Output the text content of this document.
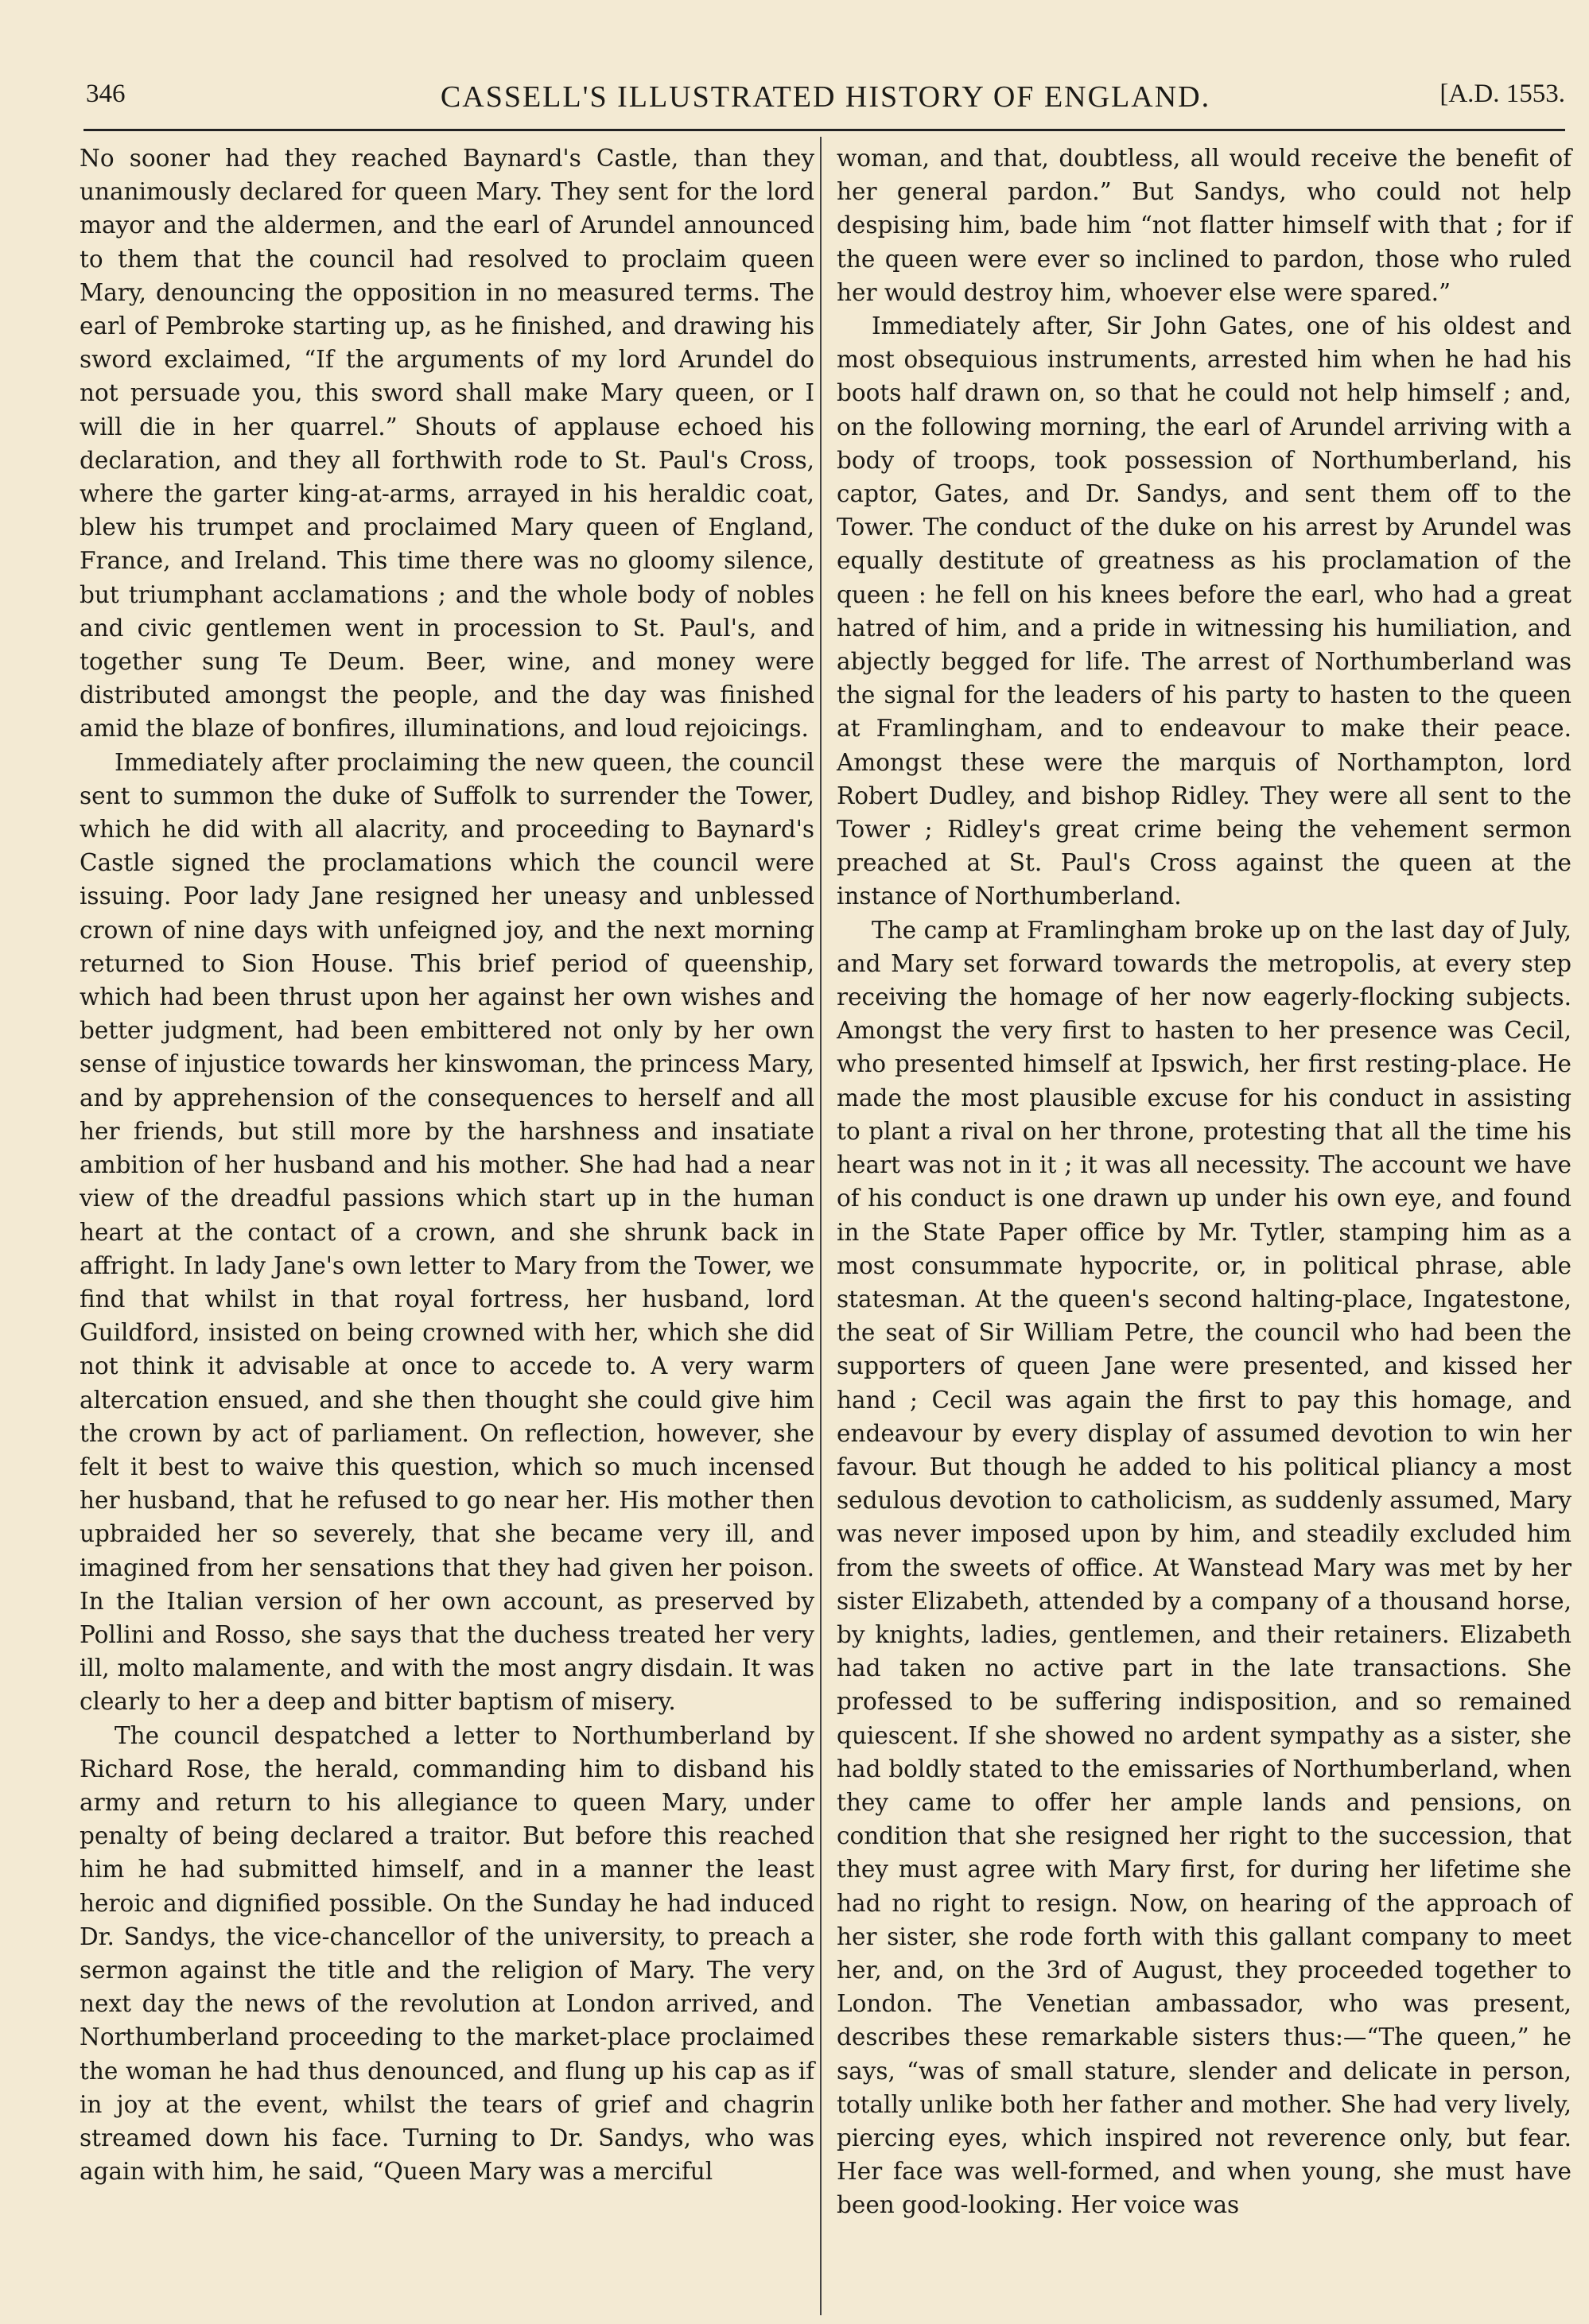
346	CASSELL'S ILLUSTRATED HISTORY OF ENGLAND.	[A.D. 1553.

No sooner had they reached Baynard's Castle, than they unanimously declared for queen Mary. They sent for the lord mayor and the aldermen, and the earl of Arundel announced to them that the council had resolved to proclaim queen Mary, denouncing the opposition in no measured terms. The earl of Pembroke starting up, as he finished, and drawing his sword exclaimed, “If the arguments of my lord Arundel do not persuade you, this sword shall make Mary queen, or I will die in her quarrel.” Shouts of applause echoed his declaration, and they all forthwith rode to St. Paul's Cross, where the garter king-at-arms, arrayed in his heraldic coat, blew his trumpet and proclaimed Mary queen of England, France, and Ireland. This time there was no gloomy silence, but triumphant acclamations ; and the whole body of nobles and civic gentlemen went in procession to St. Paul's, and together sung Te Deum. Beer, wine, and money were distributed amongst the people, and the day was finished amid the blaze of bonfires, illuminations, and loud rejoicings.

Immediately after proclaiming the new queen, the council sent to summon the duke of Suffolk to surrender the Tower, which he did with all alacrity, and proceeding to Baynard's Castle signed the proclamations which the council were issuing. Poor lady Jane resigned her uneasy and unblessed crown of nine days with unfeigned joy, and the next morning returned to Sion House. This brief period of queenship, which had been thrust upon her against her own wishes and better judgment, had been embittered not only by her own sense of injustice towards her kinswoman, the princess Mary, and by apprehension of the consequences to herself and all her friends, but still more by the harshness and insatiate ambition of her husband and his mother. She had had a near view of the dreadful passions which start up in the human heart at the contact of a crown, and she shrunk back in affright. In lady Jane's own letter to Mary from the Tower, we find that whilst in that royal fortress, her husband, lord Guildford, insisted on being crowned with her, which she did not think it advisable at once to accede to. A very warm altercation ensued, and she then thought she could give him the crown by act of parliament. On reflection, however, she felt it best to waive this question, which so much incensed her husband, that he refused to go near her. His mother then upbraided her so severely, that she became very ill, and imagined from her sensations that they had given her poison. In the Italian version of her own account, as preserved by Pollini and Rosso, she says that the duchess treated her very ill, molto malamente, and with the most angry disdain. It was clearly to her a deep and bitter baptism of misery.

The council despatched a letter to Northumberland by Richard Rose, the herald, commanding him to disband his army and return to his allegiance to queen Mary, under penalty of being declared a traitor. But before this reached him he had submitted himself, and in a manner the least heroic and dignified possible. On the Sunday he had induced Dr. Sandys, the vice-chancellor of the university, to preach a sermon against the title and the religion of Mary. The very next day the news of the revolution at London arrived, and Northumberland proceeding to the market-place proclaimed the woman he had thus denounced, and flung up his cap as if in joy at the event, whilst the tears of grief and chagrin streamed down his face. Turning to Dr. Sandys, who was again with him, he said, “Queen Mary was a merciful

woman, and that, doubtless, all would receive the benefit of her general pardon.” But Sandys, who could not help despising him, bade him “not flatter himself with that ; for if the queen were ever so inclined to pardon, those who ruled her would destroy him, whoever else were spared.”

Immediately after, Sir John Gates, one of his oldest and most obsequious instruments, arrested him when he had his boots half drawn on, so that he could not help himself ; and, on the following morning, the earl of Arundel arriving with a body of troops, took possession of Northumberland, his captor, Gates, and Dr. Sandys, and sent them off to the Tower. The conduct of the duke on his arrest by Arundel was equally destitute of greatness as his proclamation of the queen : he fell on his knees before the earl, who had a great hatred of him, and a pride in witnessing his humiliation, and abjectly begged for life. The arrest of Northumberland was the signal for the leaders of his party to hasten to the queen at Framlingham, and to endeavour to make their peace. Amongst these were the marquis of Northampton, lord Robert Dudley, and bishop Ridley. They were all sent to the Tower ; Ridley's great crime being the vehement sermon preached at St. Paul's Cross against the queen at the instance of Northumberland.

The camp at Framlingham broke up on the last day of July, and Mary set forward towards the metropolis, at every step receiving the homage of her now eagerly-flocking subjects. Amongst the very first to hasten to her presence was Cecil, who presented himself at Ipswich, her first resting-place. He made the most plausible excuse for his conduct in assisting to plant a rival on her throne, protesting that all the time his heart was not in it ; it was all necessity. The account we have of his conduct is one drawn up under his own eye, and found in the State Paper office by Mr. Tytler, stamping him as a most consummate hypocrite, or, in political phrase, able statesman. At the queen's second halting-place, Ingatestone, the seat of Sir William Petre, the council who had been the supporters of queen Jane were presented, and kissed her hand ; Cecil was again the first to pay this homage, and endeavour by every display of assumed devotion to win her favour. But though he added to his political pliancy a most sedulous devotion to catholicism, as suddenly assumed, Mary was never imposed upon by him, and steadily excluded him from the sweets of office. At Wanstead Mary was met by her sister Elizabeth, attended by a company of a thousand horse, by knights, ladies, gentlemen, and their retainers. Elizabeth had taken no active part in the late transactions. She professed to be suffering indisposition, and so remained quiescent. If she showed no ardent sympathy as a sister, she had boldly stated to the emissaries of Northumberland, when they came to offer her ample lands and pensions, on condition that she resigned her right to the succession, that they must agree with Mary first, for during her lifetime she had no right to resign. Now, on hearing of the approach of her sister, she rode forth with this gallant company to meet her, and, on the 3rd of August, they proceeded together to London. The Venetian ambassador, who was present, describes these remarkable sisters thus:—“The queen,” he says, “was of small stature, slender and delicate in person, totally unlike both her father and mother. She had very lively, piercing eyes, which inspired not reverence only, but fear. Her face was well-formed, and when young, she must have been good-looking. Her voice was
